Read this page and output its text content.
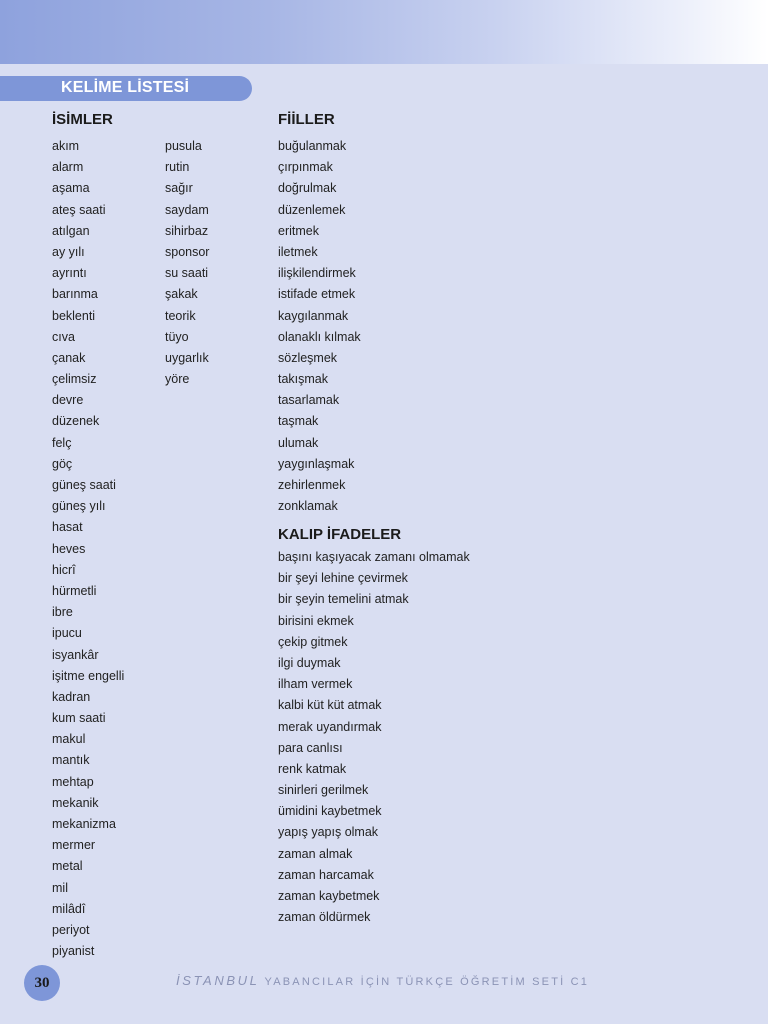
KELİME LİSTESİ
İSİMLER
akım
alarm
aşama
ateş saati
atılgan
ay yılı
ayrıntı
barınma
beklenti
cıva
çanak
çelimsiz
devre
düzenek
felç
göç
güneş saati
güneş yılı
hasat
heves
hicrî
hürmetli
ibre
ipucu
isyankâr
işitme engelli
kadran
kum saati
makul
mantık
mehtap
mekanik
mekanizma
mermer
metal
mil
milâdî
periyot
piyanist
pusula
rutin
sağır
saydam
sihirbaz
sponsor
su saati
şakak
teorik
tüyo
uygarlık
yöre
FİİLLER
buğulanmak
çırpınmak
doğrulmak
düzenlemek
eritmek
iletmek
ilişkilendirmek
istifade etmek
kaygılanmak
olanaklı kılmak
sözleşmek
takışmak
tasarlamak
taşmak
ulumak
yaygınlaşmak
zehirlenmek
zonklamak
KALIP İFADELER
başını kaşıyacak zamanı olmamak
bir şeyi lehine çevirmek
bir şeyin temelini atmak
birisini ekmek
çekip gitmek
ilgi duymak
ilham vermek
kalbi küt küt atmak
merak uyandırmak
para canlısı
renk katmak
sinirleri gerilmek
ümidini kaybetmek
yapış yapış olmak
zaman almak
zaman harcamak
zaman kaybetmek
zaman öldürmek
30	İSTANBUL YABANCILAR İÇİN TÜRKÇE ÖĞRETİM SETİ C1
